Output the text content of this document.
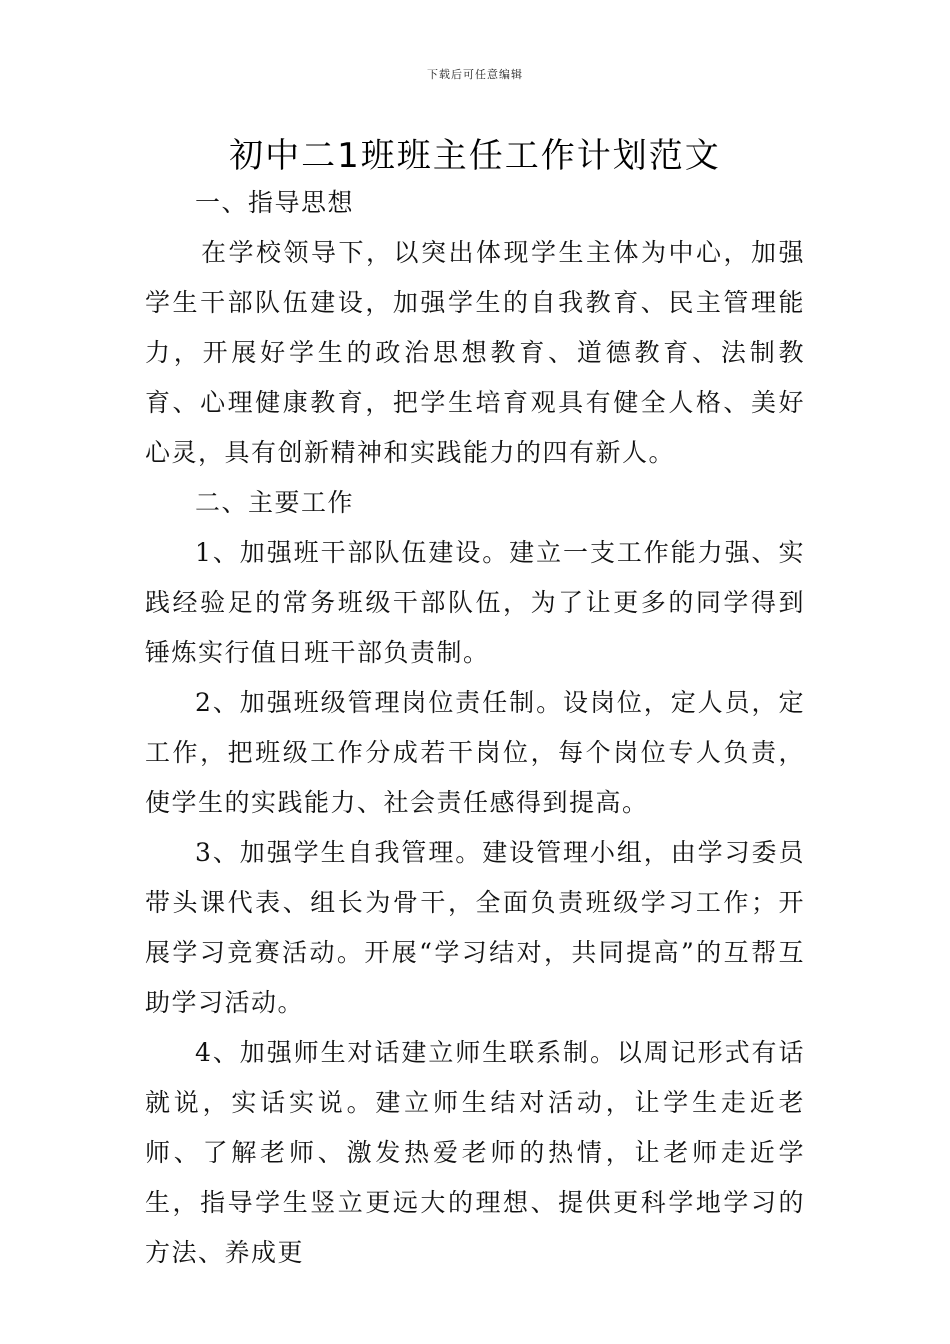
下载后可任意编辑
初中二1班班主任工作计划范文

一、指导思想

在学校领导下，以突出体现学生主体为中心，加强学生干部队伍建设，加强学生的自我教育、民主管理能力，开展好学生的政治思想教育、道德教育、法制教育、心理健康教育，把学生培育观具有健全人格、美好心灵，具有创新精神和实践能力的四有新人。

二、主要工作

1、加强班干部队伍建设。建立一支工作能力强、实践经验足的常务班级干部队伍，为了让更多的同学得到锤炼实行值日班干部负责制。

2、加强班级管理岗位责任制。设岗位，定人员，定工作，把班级工作分成若干岗位，每个岗位专人负责，使学生的实践能力、社会责任感得到提高。

3、加强学生自我管理。建设管理小组，由学习委员带头课代表、组长为骨干，全面负责班级学习工作；开展学习竞赛活动。开展“学习结对，共同提高”的互帮互助学习活动。

4、加强师生对话建立师生联系制。以周记形式有话就说，实话实说。建立师生结对活动，让学生走近老师、了解老师、激发热爱老师的热情，让老师走近学生，指导学生竖立更远大的理想、提供更科学地学习的方法、养成更
